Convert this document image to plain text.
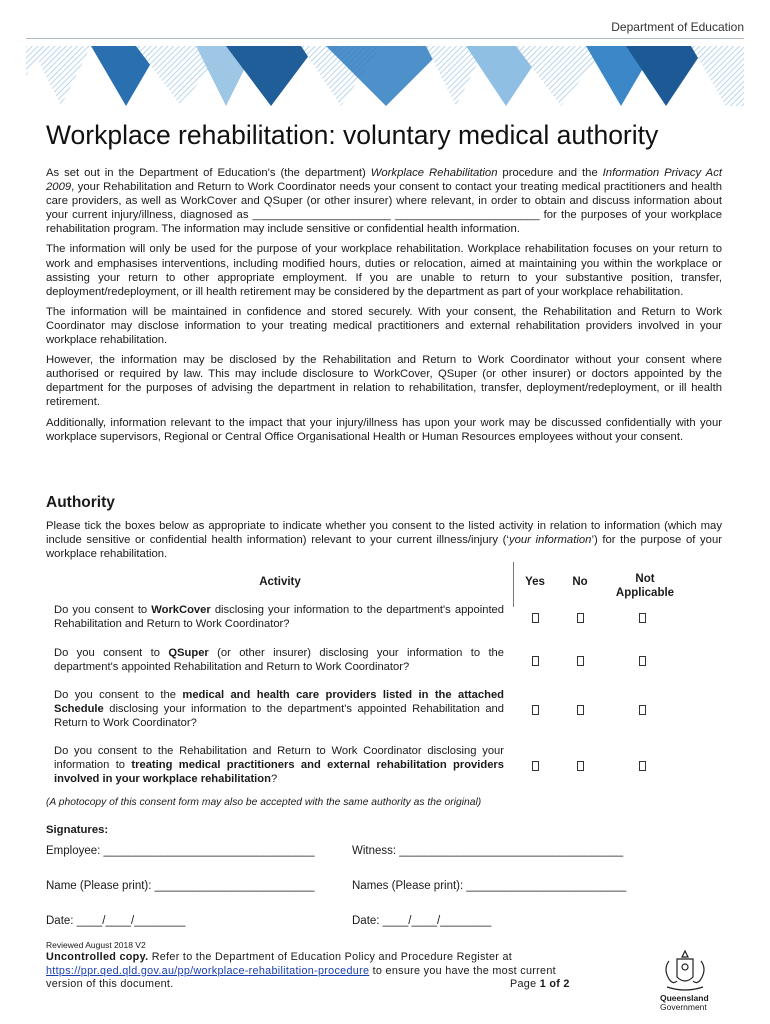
Department of Education
Workplace rehabilitation: voluntary medical authority

As set out in the Department of Education's (the department) Workplace Rehabilitation procedure and the Information Privacy Act 2009, your Rehabilitation and Return to Work Coordinator needs your consent to contact your treating medical practitioners and health care providers, as well as WorkCover and QSuper (or other insurer) where relevant, in order to obtain and discuss information about your current injury/illness, diagnosed as ______________________ _______________________ for the purposes of your workplace rehabilitation program. The information may include sensitive or confidential health information.

The information will only be used for the purpose of your workplace rehabilitation. Workplace rehabilitation focuses on your return to work and emphasises interventions, including modified hours, duties or relocation, aimed at maintaining you within the workplace or assisting your return to other appropriate employment. If you are unable to return to your substantive position, transfer, deployment/redeployment, or ill health retirement may be considered by the department as part of your workplace rehabilitation.

The information will be maintained in confidence and stored securely. With your consent, the Rehabilitation and Return to Work Coordinator may disclose information to your treating medical practitioners and external rehabilitation providers involved in your workplace rehabilitation.

However, the information may be disclosed by the Rehabilitation and Return to Work Coordinator without your consent where authorised or required by law. This may include disclosure to WorkCover, QSuper (or other insurer) or doctors appointed by the department for the purposes of advising the department in relation to rehabilitation, transfer, deployment/redeployment, or ill health retirement.

Additionally, information relevant to the impact that your injury/illness has upon your work may be discussed confidentially with your workplace supervisors, Regional or Central Office Organisational Health or Human Resources employees without your consent.

Authority

Please tick the boxes below as appropriate to indicate whether you consent to the listed activity in relation to information (which may include sensitive or confidential health information) relevant to your current illness/injury (‘your information’) for the purpose of your workplace rehabilitation.

Activity	Yes	No	Not Applicable
Do you consent to WorkCover disclosing your information to the department's appointed Rehabilitation and Return to Work Coordinator?
Do you consent to QSuper (or other insurer) disclosing your information to the department's appointed Rehabilitation and Return to Work Coordinator?
Do you consent to the medical and health care providers listed in the attached Schedule disclosing your information to the department's appointed Rehabilitation and Return to Work Coordinator?
Do you consent to the Rehabilitation and Return to Work Coordinator disclosing your information to treating medical practitioners and external rehabilitation providers involved in your workplace rehabilitation?
(A photocopy of this consent form may also be accepted with the same authority as the original)
Signatures:
Employee: _________________________________	Witness: ___________________________________
Name (Please print): _________________________	Names (Please print): _________________________
Date: ____/____/________	Date: ____/____/________
Reviewed August 2018 V2
Uncontrolled copy. Refer to the Department of Education Policy and Procedure Register at https://ppr.qed.qld.gov.au/pp/workplace-rehabilitation-procedure to ensure you have the most current version of this document.	Page 1 of 2
Queensland
Government
